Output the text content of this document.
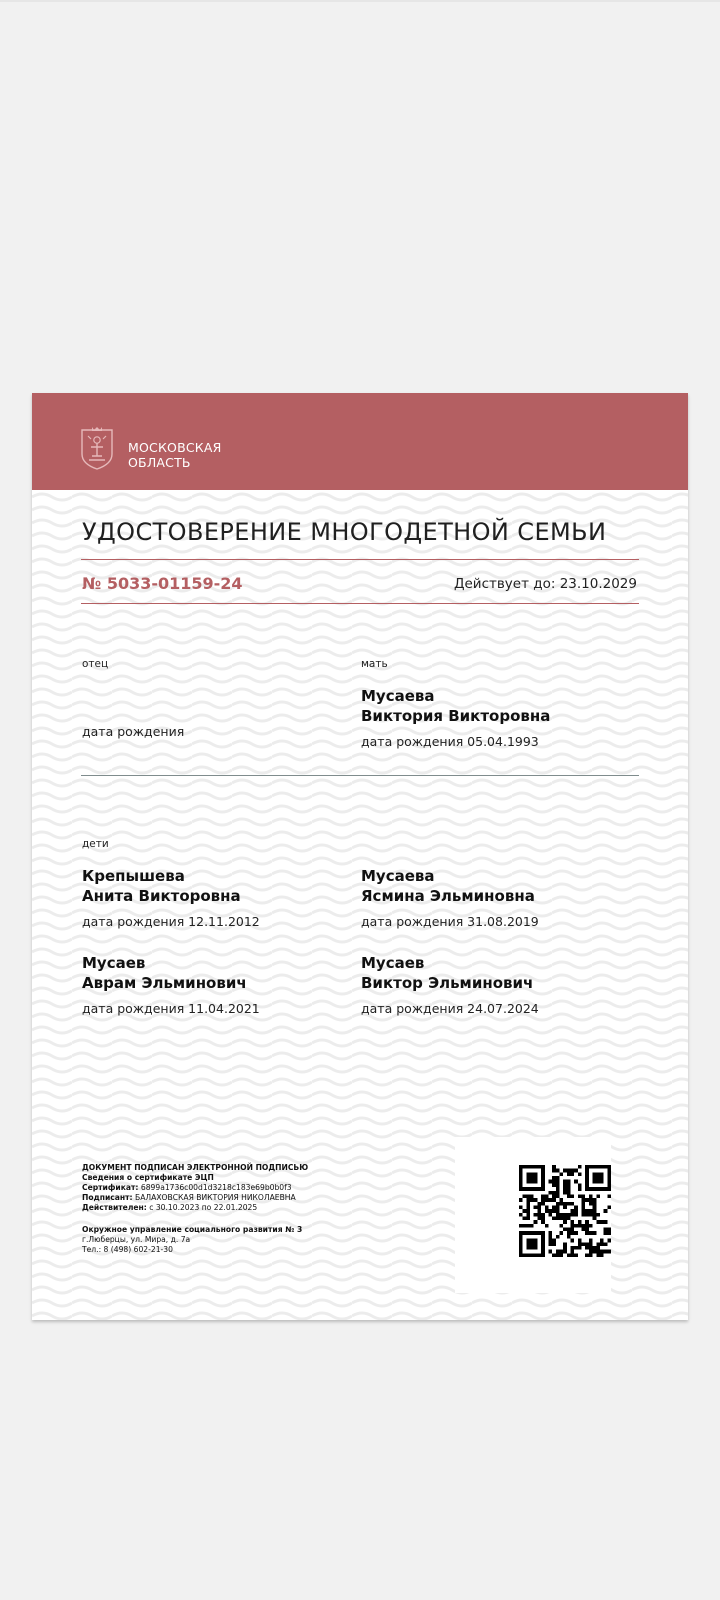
МОСКОВСКАЯ
ОБЛАСТЬ
УДОСТОВЕРЕНИЕ МНОГОДЕТНОЙ СЕМЬИ
№ 5033-01159-24	Действует до: 23.10.2029
отец
дата рождения
мать
Мусаева
Виктория Викторовна
дата рождения 05.04.1993
дети
Крепышева
Анита Викторовна
дата рождения 12.11.2012
Мусаева
Ясмина Эльминовна
дата рождения 31.08.2019
Мусаев
Аврам Эльминович
дата рождения 11.04.2021
Мусаев
Виктор Эльминович
дата рождения 24.07.2024
ДОКУМЕНТ ПОДПИСАН ЭЛЕКТРОННОЙ ПОДПИСЬЮ
Сведения о сертификате ЭЦП
Сертификат: 6899a1736c00d1d3218c183e69b0b0f3
Подписант: БАЛАХОВСКАЯ ВИКТОРИЯ НИКОЛАЕВНА
Действителен: с 30.10.2023 по 22.01.2025
Окружное управление социального развития № 3
г.Люберцы, ул. Мира, д. 7а
Тел.: 8 (498) 602-21-30
